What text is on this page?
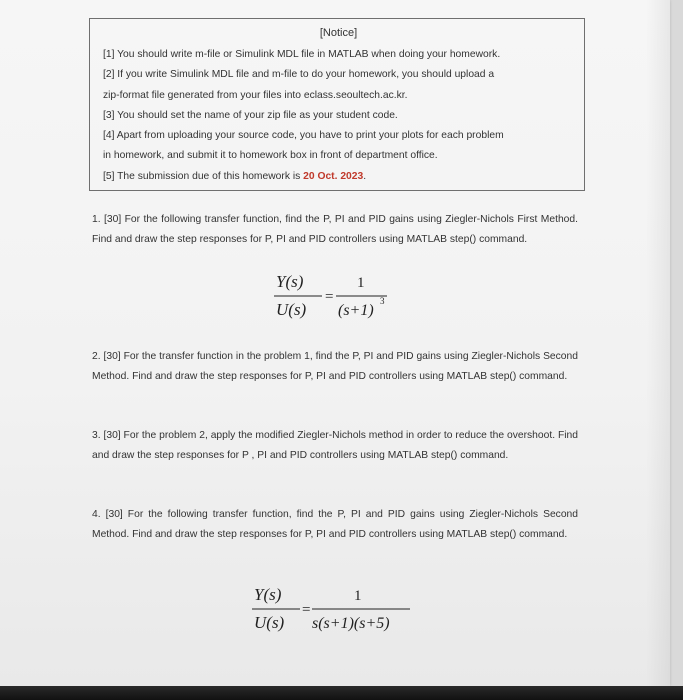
[Notice]
[1] You should write m-file or Simulink MDL file in MATLAB when doing your homework.
[2] If you write Simulink MDL file and m-file to do your homework, you should upload a
zip-format file generated from your files into eclass.seoultech.ac.kr.
[3] You should set the name of your zip file as your student code.
[4] Apart from uploading your source code, you have to print your plots for each problem
in homework, and submit it to homework box in front of department office.
[5] The submission due of this homework is 20 Oct. 2023.

1. [30] For the following transfer function, find the P, PI and PID gains using Ziegler-Nichols First Method. Find and draw the step responses for P, PI and PID controllers using MATLAB step() command.

Y(s)
U(s)
=
1
(s+1)
3

2. [30] For the transfer function in the problem 1, find the P, PI and PID gains using Ziegler-Nichols Second Method. Find and draw the step responses for P, PI and PID controllers using MATLAB step() command.

3. [30] For the problem 2, apply the modified Ziegler-Nichols method in order to reduce the overshoot. Find and draw the step responses for P , PI and PID controllers using MATLAB step() command.

4. [30] For the following transfer function, find the P, PI and PID gains using Ziegler-Nichols Second Method. Find and draw the step responses for P, PI and PID controllers using MATLAB step() command.

Y(s)
U(s)
=
1
s(s+1)(s+5)
